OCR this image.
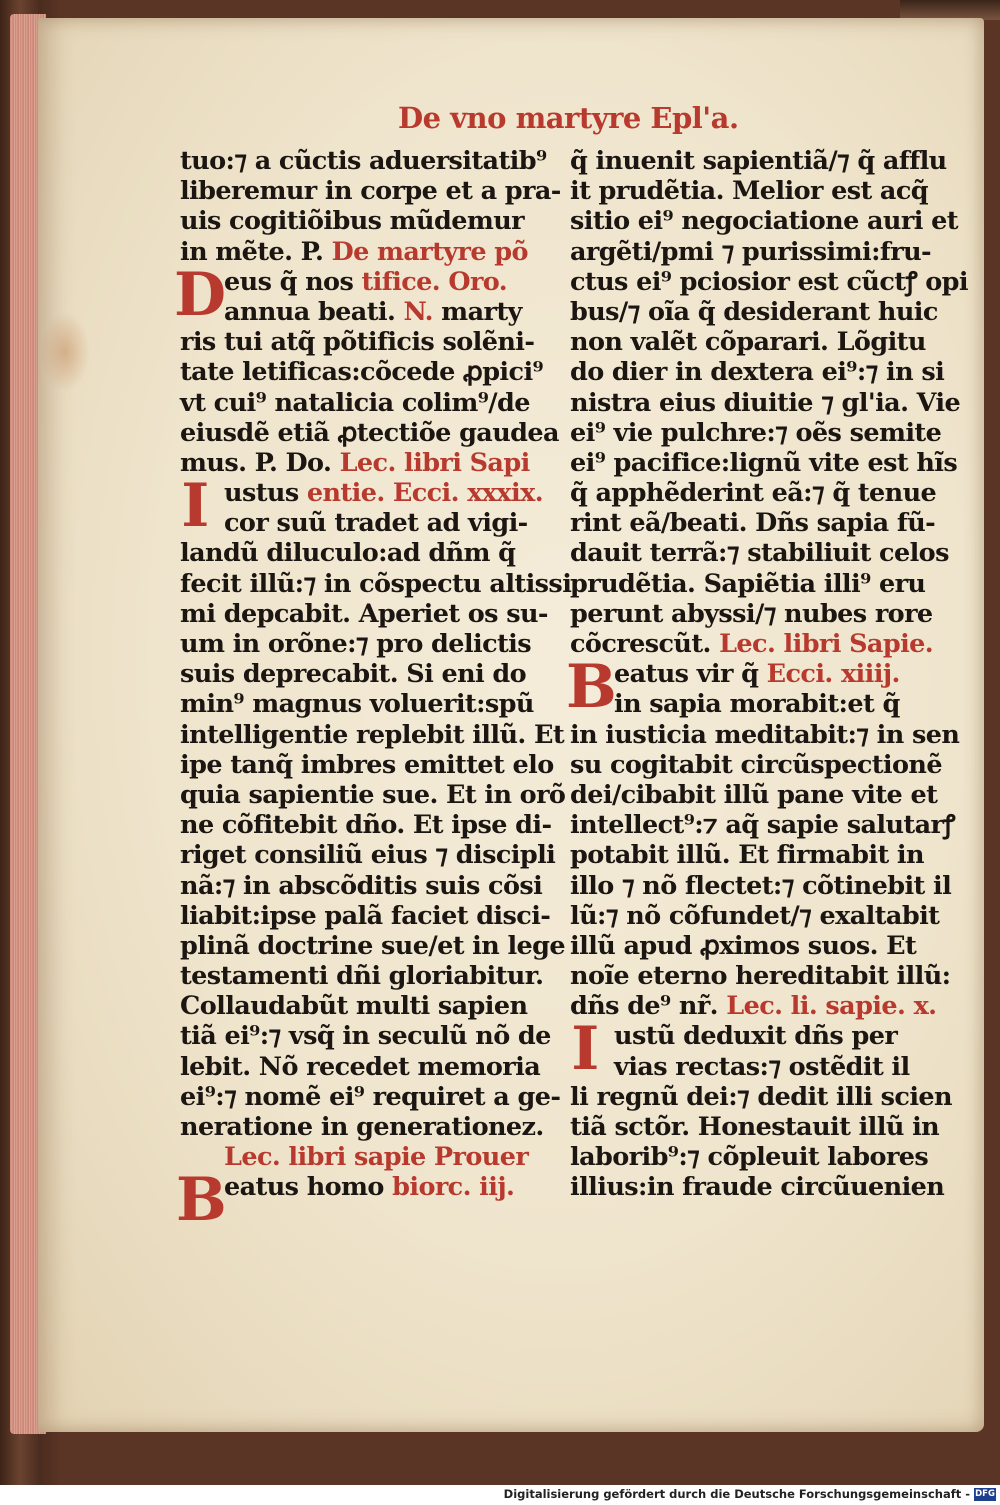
De vno martyre Epl'a.
tuo:⁊ a cũctis aduersitatib⁹
liberemur in corpe et a pra-
uis cogitiõibus mũdemur
in mẽte. P. De martyre põ
D
eus q̃ nos tifice. Oro.
annua beati. N. marty
ris tui atq̃ põtificis solẽni-
tate letificas:cõcede ꝓpici⁹
vt cui⁹ natalicia colim⁹/de
eiusdẽ etiã ꝓtectiõe gaudea
mus. P. Do. Lec. libri Sapi
I ustus entie. Ecci. xxxix.
cor suũ tradet ad vigi-
landũ diluculo:ad dñm q̃
fecit illũ:⁊ in cõspectu altissi
mi depcabit. Aperiet os su-
um in orõne:⁊ pro delictis
suis deprecabit. Si eni do
min⁹ magnus voluerit:spũ
intelligentie replebit illũ. Et
ipe tanq̃ imbres emittet elo
quia sapientie sue. Et in orõ
ne cõfitebit dño. Et ipse di-
riget consiliũ eius ⁊ discipli
nã:⁊ in abscõditis suis cõsi
liabit:ipse palã faciet disci-
plinã doctrine sue/et in lege
testamenti dñi gloriabitur.
Collaudabũt multi sapien
tiã ei⁹:⁊ vsq̃ in seculũ nõ de
lebit. Nõ recedet memoria
ei⁹:⁊ nomẽ ei⁹ requiret a ge-
neratione in generationez.
Lec. libri sapie Prouer
B
eatus homo biorc. iij.
q̃ inuenit sapientiã/⁊ q̃ afflu
it prudẽtia. Melior est acq̃
sitio ei⁹ negociatione auri et
argẽti/pmi ⁊ purissimi:fru-
ctus ei⁹ pciosior est cũctꝭ opi
bus/⁊ oĩa q̃ desiderant huic
non valẽt cõparari. Lõgitu
do dier in dextera ei⁹:⁊ in si
nistra eius diuitie ⁊ gl'ia. Vie
ei⁹ vie pulchre:⁊ oẽs semite
ei⁹ pacifice:lignũ vite est hĩs
q̃ apphẽderint eã:⁊ q̃ tenue
rint eã/beati. Dñs sapia fũ-
dauit terrã:⁊ stabiliuit celos
prudẽtia. Sapiẽtia illi⁹ eru
perunt abyssi/⁊ nubes rore
cõcrescũt. Lec. libri Sapie.
B
eatus vir q̃ Ecci. xiiij.
in sapia morabit:et q̃
in iusticia meditabit:⁊ in sen
su cogitabit circũspectionẽ
dei/cibabit illũ pane vite et
intellect⁹:⁊ aq̃ sapie salutarꝭ
potabit illũ. Et firmabit in
illo ⁊ nõ flectet:⁊ cõtinebit il
lũ:⁊ nõ cõfundet/⁊ exaltabit
illũ apud ꝓximos suos. Et
noĩe eterno hereditabit illũ:
dñs de⁹ nr̃. Lec. li. sapie. x.
I ustũ deduxit dñs per
vias rectas:⁊ ostẽdit il
li regnũ dei:⁊ dedit illi scien
tiã sctõr. Honestauit illũ in
laborib⁹:⁊ cõpleuit labores
illius:in fraude circũuenien
Digitalisierung gefördert durch die Deutsche Forschungsgemeinschaft - DFG
